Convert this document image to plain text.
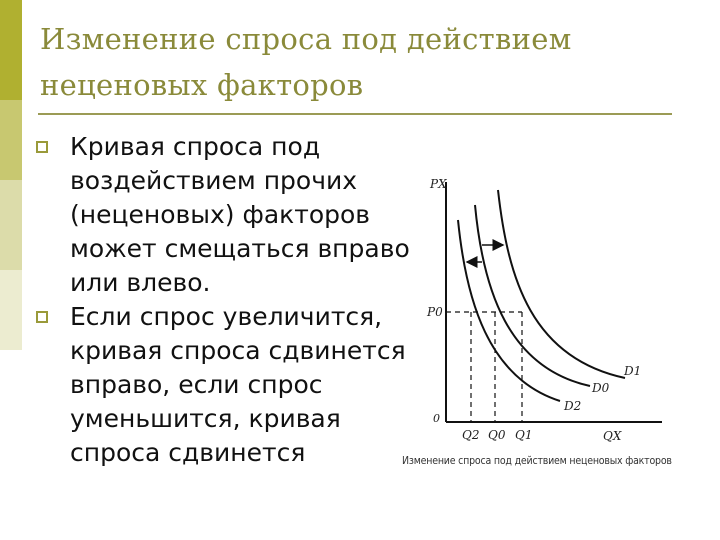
Изменение спроса под действием неценовых факторов
Кривая спроса под воздействием прочих (неценовых) факторов может смещаться вправо или влево.
Если спрос увеличится, кривая спроса сдвинется вправо, если спрос уменьшится, кривая спроса сдвинется
PX
QX
0
P0
Q2 Q0 Q1
D1
D0
D2
Изменение спроса под действием неценовых факторов
